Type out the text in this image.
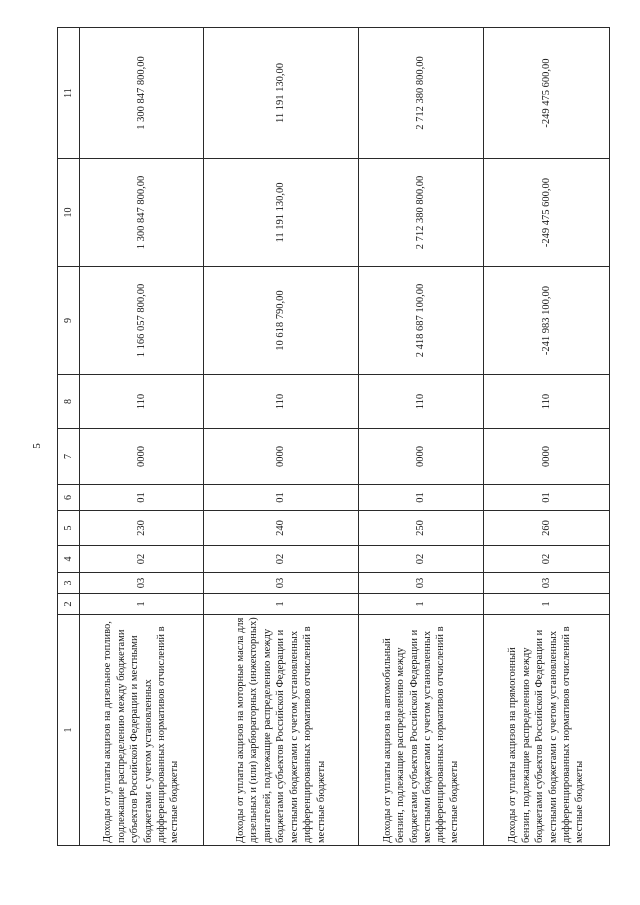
5
1	2	3	4	5	6	7	8	9	10	11
Доходы от уплаты акцизов на дизельное топливо, подлежащие распределению между бюджетами субъектов Российской Федерации и местными бюджетами с учетом установленных дифференцированных нормативов отчислений в местные бюджеты	1	03	02	230	01	0000	110	1 166 057 800,00	1 300 847 800,00	1 300 847 800,00
Доходы от уплаты акцизов на моторные масла для дизельных и (или) карбюраторных (инжекторных) двигателей, подлежащие распределению между бюджетами субъектов Российской Федерации и местными бюджетами с учетом установленных дифференцированных нормативов отчислений в местные бюджеты	1	03	02	240	01	0000	110	10 618 790,00	11 191 130,00	11 191 130,00
Доходы от уплаты акцизов на автомобильный бензин, подлежащие распределению между бюджетами субъектов Российской Федерации и местными бюджетами с учетом установленных дифференцированных нормативов отчислений в местные бюджеты	1	03	02	250	01	0000	110	2 418 687 100,00	2 712 380 800,00	2 712 380 800,00
Доходы от уплаты акцизов на прямогонный бензин, подлежащие распределению между бюджетами субъектов Российской Федерации и местными бюджетами с учетом установленных дифференцированных нормативов отчислений в местные бюджеты	1	03	02	260	01	0000	110	-241 983 100,00	-249 475 600,00	-249 475 600,00
